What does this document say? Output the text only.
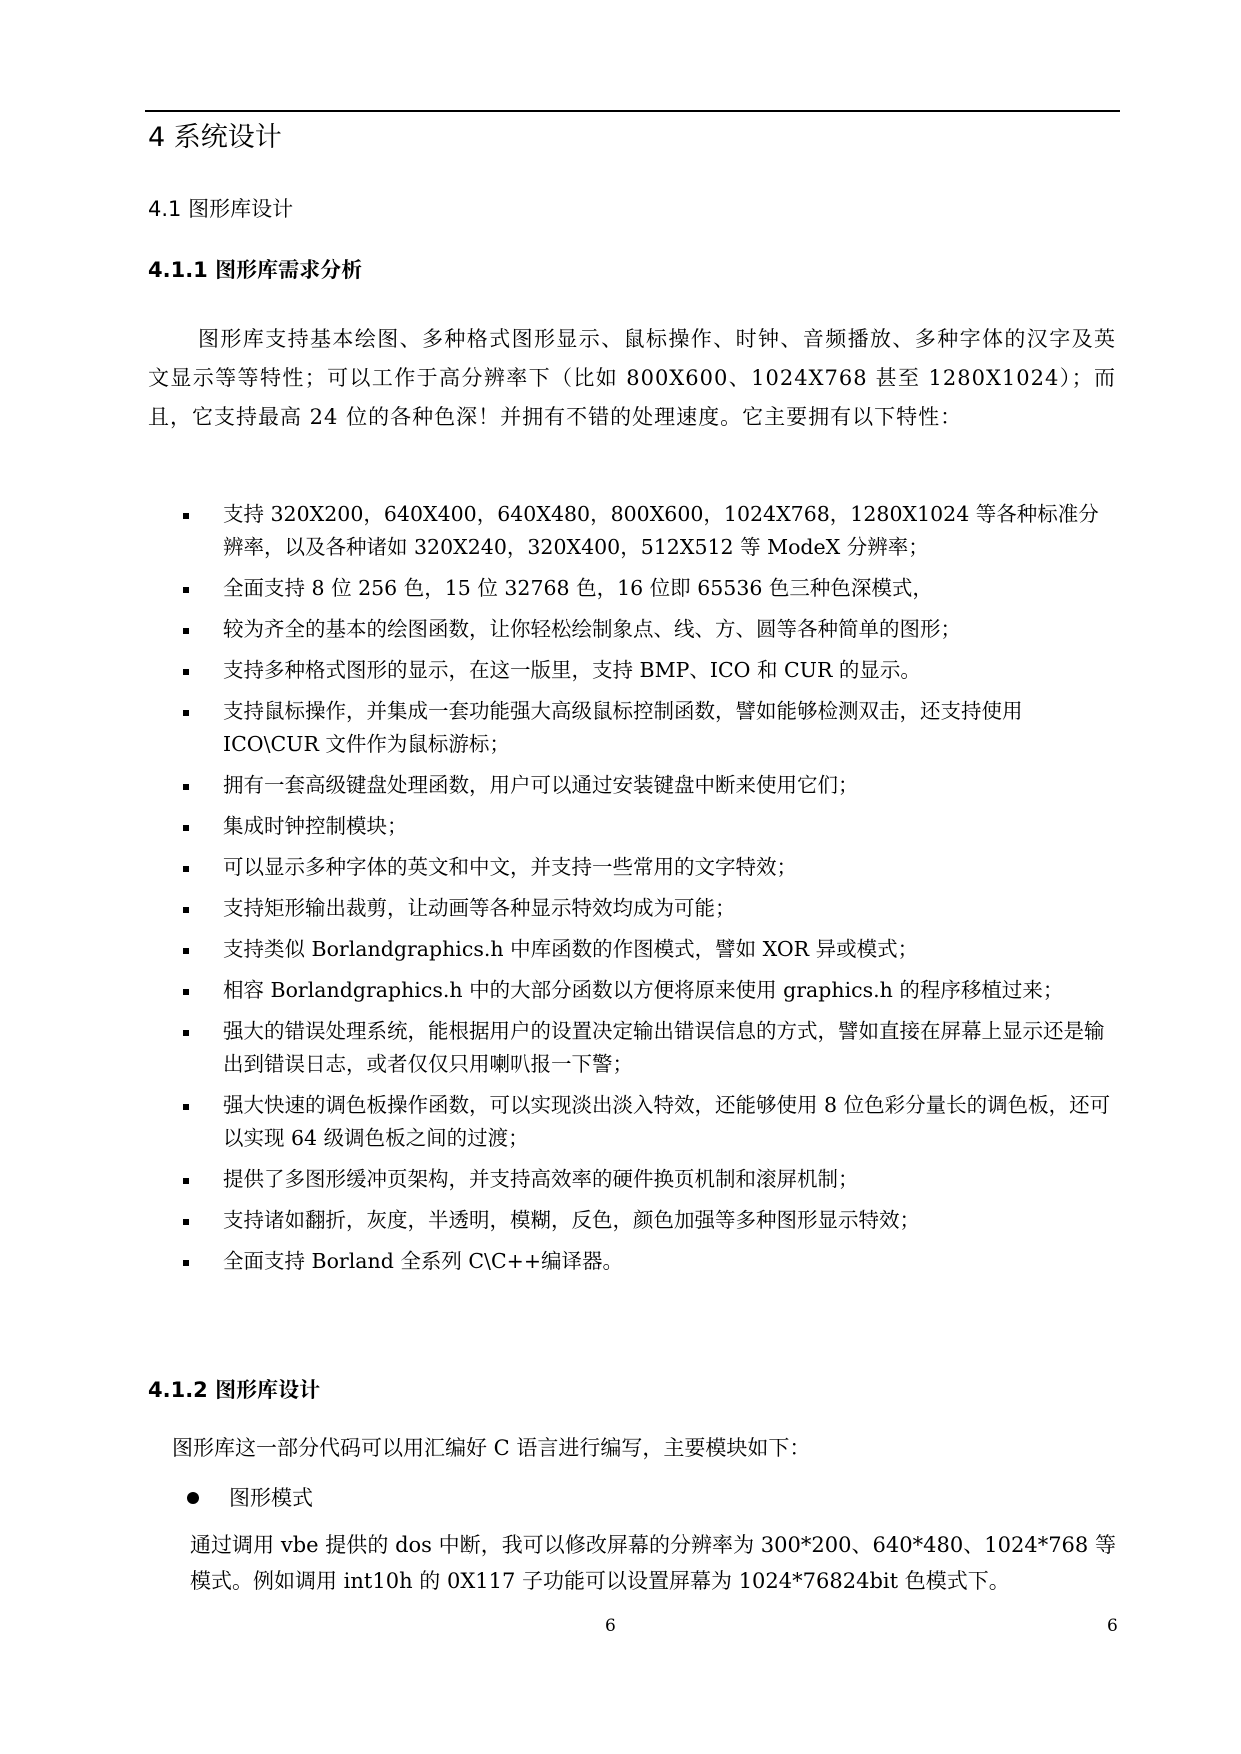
4 系统设计
4.1 图形库设计
4.1.1 图形库需求分析
图形库支持基本绘图、多种格式图形显示、鼠标操作、时钟、音频播放、多种字体的汉字及英文显示等等特性；可以工作于高分辨率下（比如 800X600、1024X768 甚至 1280X1024）；而且，它支持最高 24 位的各种色深！并拥有不错的处理速度。它主要拥有以下特性：
支持 320X200，640X400，640X480，800X600，1024X768，1280X1024 等各种标准分辨率，以及各种诸如 320X240，320X400，512X512 等 ModeX 分辨率；
全面支持 8 位 256 色，15 位 32768 色，16 位即 65536 色三种色深模式，
较为齐全的基本的绘图函数，让你轻松绘制象点、线、方、圆等各种简单的图形；
支持多种格式图形的显示，在这一版里，支持 BMP、ICO 和 CUR 的显示。
支持鼠标操作，并集成一套功能强大高级鼠标控制函数，譬如能够检测双击，还支持使用 ICO\CUR 文件作为鼠标游标；
拥有一套高级键盘处理函数，用户可以通过安装键盘中断来使用它们；
集成时钟控制模块；
可以显示多种字体的英文和中文，并支持一些常用的文字特效；
支持矩形输出裁剪，让动画等各种显示特效均成为可能；
支持类似 Borlandgraphics.h 中库函数的作图模式，譬如 XOR 异或模式；
相容 Borlandgraphics.h 中的大部分函数以方便将原来使用 graphics.h 的程序移植过来；
强大的错误处理系统，能根据用户的设置决定输出错误信息的方式，譬如直接在屏幕上显示还是输出到错误日志，或者仅仅只用喇叭报一下警；
强大快速的调色板操作函数，可以实现淡出淡入特效，还能够使用 8 位色彩分量长的调色板，还可以实现 64 级调色板之间的过渡；
提供了多图形缓冲页架构，并支持高效率的硬件换页机制和滚屏机制；
支持诸如翻折，灰度，半透明，模糊，反色，颜色加强等多种图形显示特效；
全面支持 Borland 全系列 C\C++编译器。
4.1.2 图形库设计
图形库这一部分代码可以用汇编好 C 语言进行编写，主要模块如下：
图形模式
通过调用 vbe 提供的 dos 中断，我可以修改屏幕的分辨率为 300*200、640*480、1024*768 等模式。例如调用 int10h 的 0X117 子功能可以设置屏幕为 1024*76824bit 色模式下。
6	6
